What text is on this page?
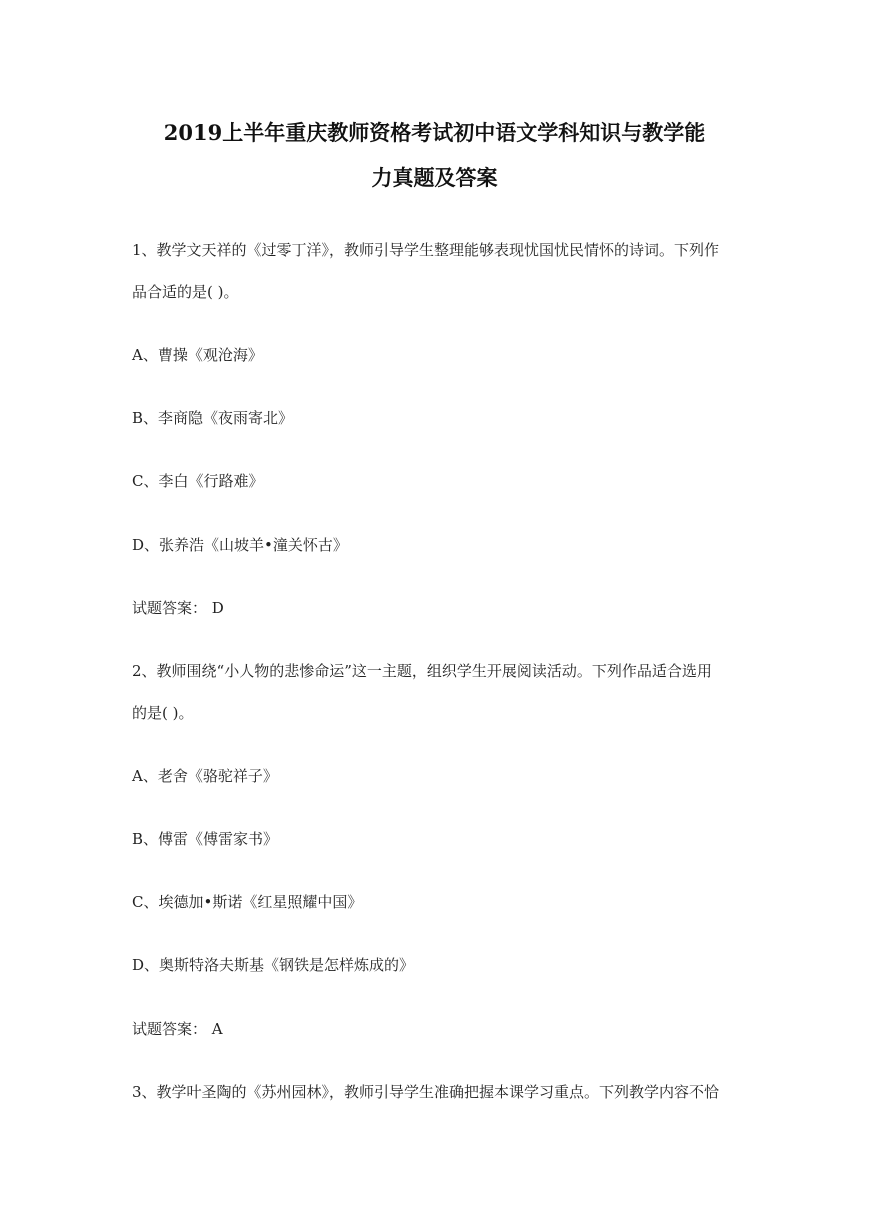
2019上半年重庆教师资格考试初中语文学科知识与教学能
力真题及答案
1、教学文天祥的《过零丁洋》，教师引导学生整理能够表现忧国忧民情怀的诗词。下列作
品合适的是( )。
A、曹操《观沧海》
B、李商隐《夜雨寄北》
C、李白《行路难》
D、张养浩《山坡羊•潼关怀古》
试题答案： D
2、教师围绕“小人物的悲惨命运”这一主题，组织学生开展阅读活动。下列作品适合选用
的是( )。
A、老舍《骆驼祥子》
B、傅雷《傅雷家书》
C、埃德加•斯诺《红星照耀中国》
D、奥斯特洛夫斯基《钢铁是怎样炼成的》
试题答案： A
3、教学叶圣陶的《苏州园林》，教师引导学生准确把握本课学习重点。下列教学内容不恰
